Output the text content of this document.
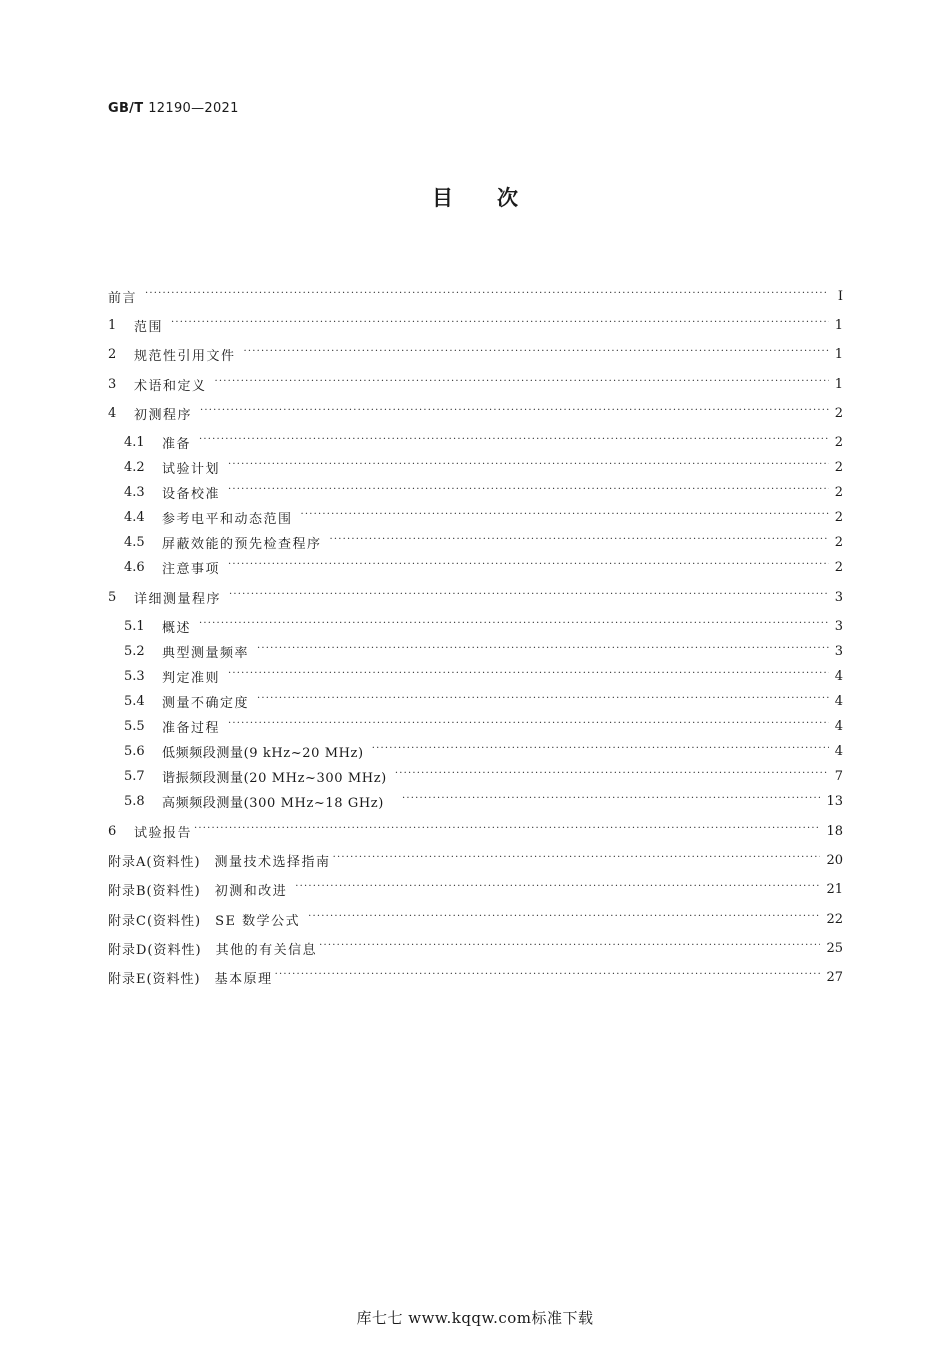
GB/T 12190—2021
目次
前言 ·····	Ⅰ
1	范围 ·····	1
2	规范性引用文件 ·····	1
3	术语和定义 ·····	1
4	初测程序 ·····	2
4.1	准备 ·····	2
4.2	试验计划 ·····	2
4.3	设备校准 ·····	2
4.4	参考电平和动态范围 ·····	2
4.5	屏蔽效能的预先检查程序 ·····	2
4.6	注意事项 ·····	2
5	详细测量程序 ·····	3
5.1	概述 ·····	3
5.2	典型测量频率 ·····	3
5.3	判定准则 ·····	4
5.4	测量不确定度 ·····	4
5.5	准备过程 ·····	4
5.6	低频频段测量(9 kHz~20 MHz) ·····	4
5.7	谐振频段测量(20 MHz~300 MHz) ·····	7
5.8	高频频段测量(300 MHz~18 GHz) ·····	13
6	试验报告 ·····	18
附录A(资料性) 测量技术选择指南 ·····	20
附录B(资料性) 初测和改进 ·····	21
附录C(资料性) SE 数学公式 ·····	22
附录D(资料性) 其他的有关信息 ·····	25
附录E(资料性) 基本原理 ·····	27
库七七 www.kqqw.com标准下载
